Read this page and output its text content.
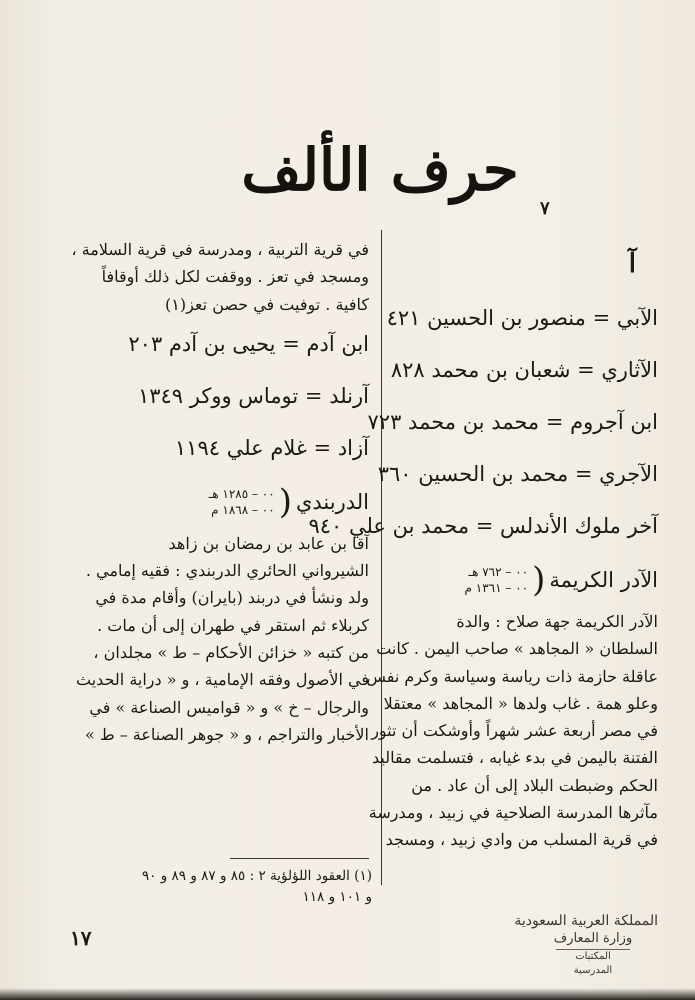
حرف الألف
٧
آ
الآبي = منصور بن الحسين ٤٢١
الآثاري = شعبان بن محمد ٨٢٨
ابن آجروم = محمد بن محمد ٧٢٣
الآجري = محمد بن الحسين ٣٦٠
آخر ملوك الأندلس = محمد بن علي ٩٤٠
الآدر الكريمة
(
٠٠ – ٧٦٢ هـ
٠٠ – ١٣٦١ م
الآدر الكريمة جهة صلاح : والدة
السلطان « المجاهد » صاحب اليمن . كانت
عاقلة حازمة ذات رياسة وسياسة وكرم نفس
وعلو همة . غاب ولدها « المجاهد » معتقلا
في مصر أربعة عشر شهراً وأوشكت أن تثور
الفتنة باليمن في بدء غيابه ، فتسلمت مقاليد
الحكم وضبطت البلاد إلى أن عاد . من
مآثرها المدرسة الصلاحية في زبيد ، ومدرسة
في قرية المسلب من وادي زبيد ، ومسجد
في قرية التربية ، ومدرسة في قرية السلامة ،
ومسجد في تعز . ووقفت لكل ذلك أوقافاً
كافية . توفيت في حصن تعز(١)
ابن آدم = يحيى بن آدم ٢٠٣
آرنلد = توماس ووكر ١٣٤٩
آزاد = غلام علي ١١٩٤
الدربندي
(
٠٠ – ١٢٨٥ هـ
٠٠ – ١٨٦٨ م
آقا بن عابد بن رمضان بن زاهد
الشيرواني الحائري الدربندي : فقيه إمامي .
ولد ونشأ في دربند (بايران) وأقام مدة في
كربلاء ثم استقر في طهران إلى أن مات .
من كتبه « خزائن الأحكام – ط » مجلدان ،
في الأصول وفقه الإمامية ، و « دراية الحديث
والرجال – خ » و « قواميس الصناعة » في
الأخبار والتراجم ، و « جوهر الصناعة – ط »
(١) العقود اللؤلؤية ٢ : ٨٥ و ٨٧ و ٨٩ و ٩٠
و ١٠١ و ١١٨
١٧
المملكة العربية السعودية
وزارة المعارف
المكتبات المدرسية
